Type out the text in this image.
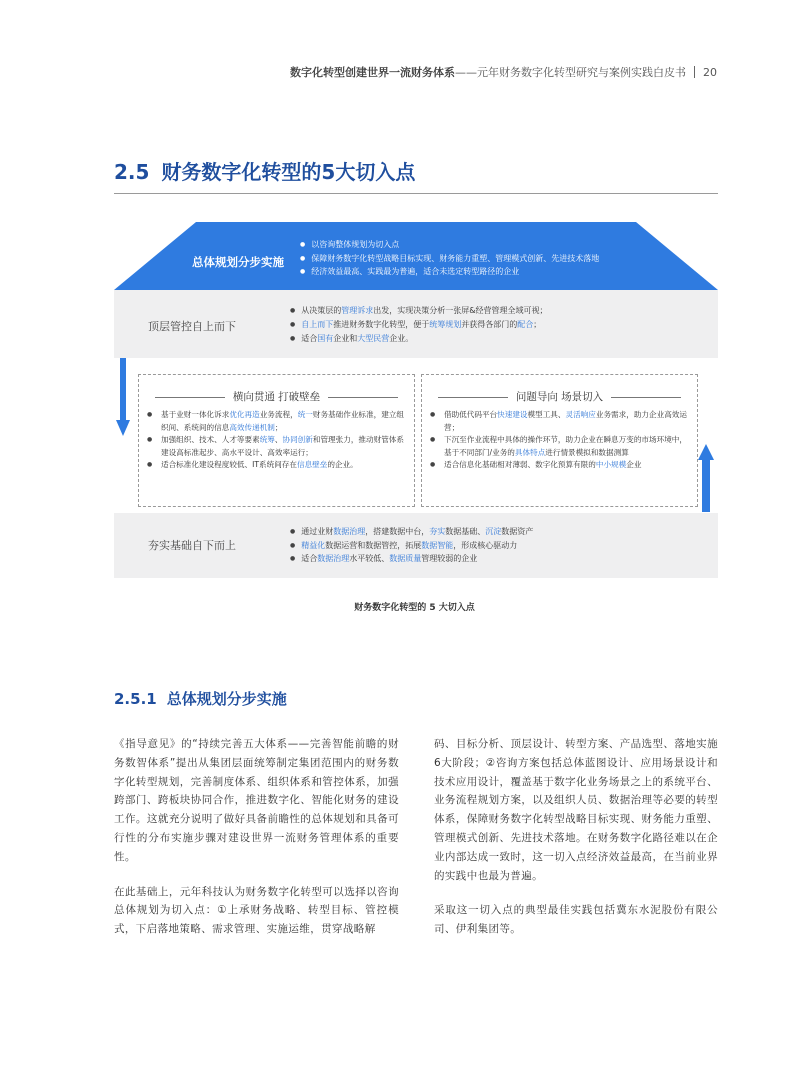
数字化转型创建世界一流财务体系 ——元年财务数字化转型研究与案例实践白皮书 20
2.5 财务数字化转型的5大切入点
总体规划分步实施
● 以咨询整体规划为切入点
● 保障财务数字化转型战略目标实现、财务能力重塑、管理模式创新、先进技术落地
● 经济效益最高、实践最为普遍，适合未选定转型路径的企业
顶层管控自上而下
● 从决策层的管理诉求出发，实现决策分析一张屏&经营管理全域可视；
● 自上而下推进财务数字化转型，便于统筹规划并获得各部门的配合；
● 适合国有企业和大型民营企业。
横向贯通 打破壁垒
● 基于业财一体化诉求优化再造业务流程，统一财务基础作业标准，建立组织间、系统间的信息高效传递机制；
● 加强组织、技术、人才等要素统筹、协同创新和管理张力，推动财管体系建设高标准起步、高水平设计、高效率运行；
● 适合标准化建设程度较低、IT系统间存在信息壁垒的企业。
问题导向 场景切入
● 借助低代码平台快速建设模型工具、灵活响应业务需求，助力企业高效运营；
● 下沉至作业流程中具体的操作环节，助力企业在瞬息万变的市场环境中，基于不同部门/业务的具体特点进行情景模拟和数据测算
● 适合信息化基础相对薄弱、数字化预算有限的中小规模企业
夯实基础自下而上
● 通过业财数据治理，搭建数据中台，夯实数据基础、沉淀数据资产
● 精益化数据运营和数据管控，拓展数据智能，形成核心驱动力
● 适合数据治理水平较低、数据质量管理较弱的企业
财务数字化转型的 5 大切入点
2.5.1 总体规划分步实施

《指导意见》的“持续完善五大体系——完善智能前瞻的财务数智体系”提出从集团层面统筹制定集团范围内的财务数字化转型规划，完善制度体系、组织体系和管控体系，加强跨部门、跨板块协同合作，推进数字化、智能化财务的建设工作。这就充分说明了做好具备前瞻性的总体规划和具备可行性的分布实施步骤对建设世界一流财务管理体系的重要性。

在此基础上，元年科技认为财务数字化转型可以选择以咨询总体规划为切入点：①上承财务战略、转型目标、管控模式，下启落地策略、需求管理、实施运维，贯穿战略解

码、目标分析、顶层设计、转型方案、产品选型、落地实施6大阶段；②咨询方案包括总体蓝图设计、应用场景设计和技术应用设计，覆盖基于数字化业务场景之上的系统平台、业务流程规划方案，以及组织人员、数据治理等必要的转型体系，保障财务数字化转型战略目标实现、财务能力重塑、管理模式创新、先进技术落地。在财务数字化路径难以在企业内部达成一致时，这一切入点经济效益最高，在当前业界的实践中也最为普遍。

采取这一切入点的典型最佳实践包括冀东水泥股份有限公司、伊利集团等。
